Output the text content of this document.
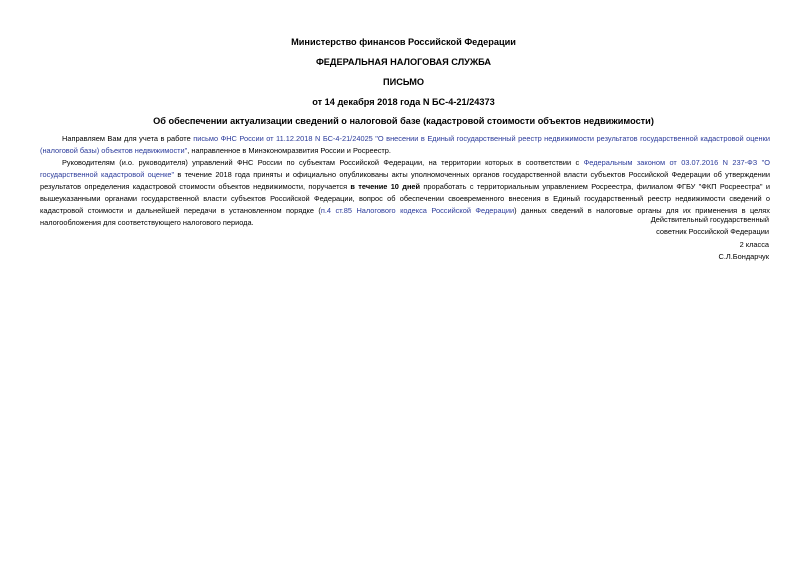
Министерство финансов Российской Федерации
ФЕДЕРАЛЬНАЯ НАЛОГОВАЯ СЛУЖБА
ПИСЬМО
от 14 декабря 2018 года N БС-4-21/24373
Об обеспечении актуализации сведений о налоговой базе (кадастровой стоимости объектов недвижимости)

Направляем Вам для учета в работе письмо ФНС России от 11.12.2018 N БС-4-21/24025 "О внесении в Единый государственный реестр недвижимости результатов государственной кадастровой оценки (налоговой базы) объектов недвижимости", направленное в Минэкономразвития России и Росреестр.

Руководителям (и.о. руководителя) управлений ФНС России по субъектам Российской Федерации, на территории которых в соответствии с Федеральным законом от 03.07.2016 N 237-ФЗ "О государственной кадастровой оценке" в течение 2018 года приняты и официально опубликованы акты уполномоченных органов государственной власти субъектов Российской Федерации об утверждении результатов определения кадастровой стоимости объектов недвижимости, поручается в течение 10 дней проработать с территориальным управлением Росреестра, филиалом ФГБУ "ФКП Росреестра" и вышеуказанными органами государственной власти субъектов Российской Федерации, вопрос об обеспечении своевременного внесения в Единый государственный реестр недвижимости сведений о кадастровой стоимости и дальнейшей передачи в установленном порядке (п.4 ст.85 Налогового кодекса Российской Федерации) данных сведений в налоговые органы для их применения в целях налогообложения для соответствующего налогового периода.	Действительный государственный
советник Российской Федерации
2 класса
С.Л.Бондарчук
